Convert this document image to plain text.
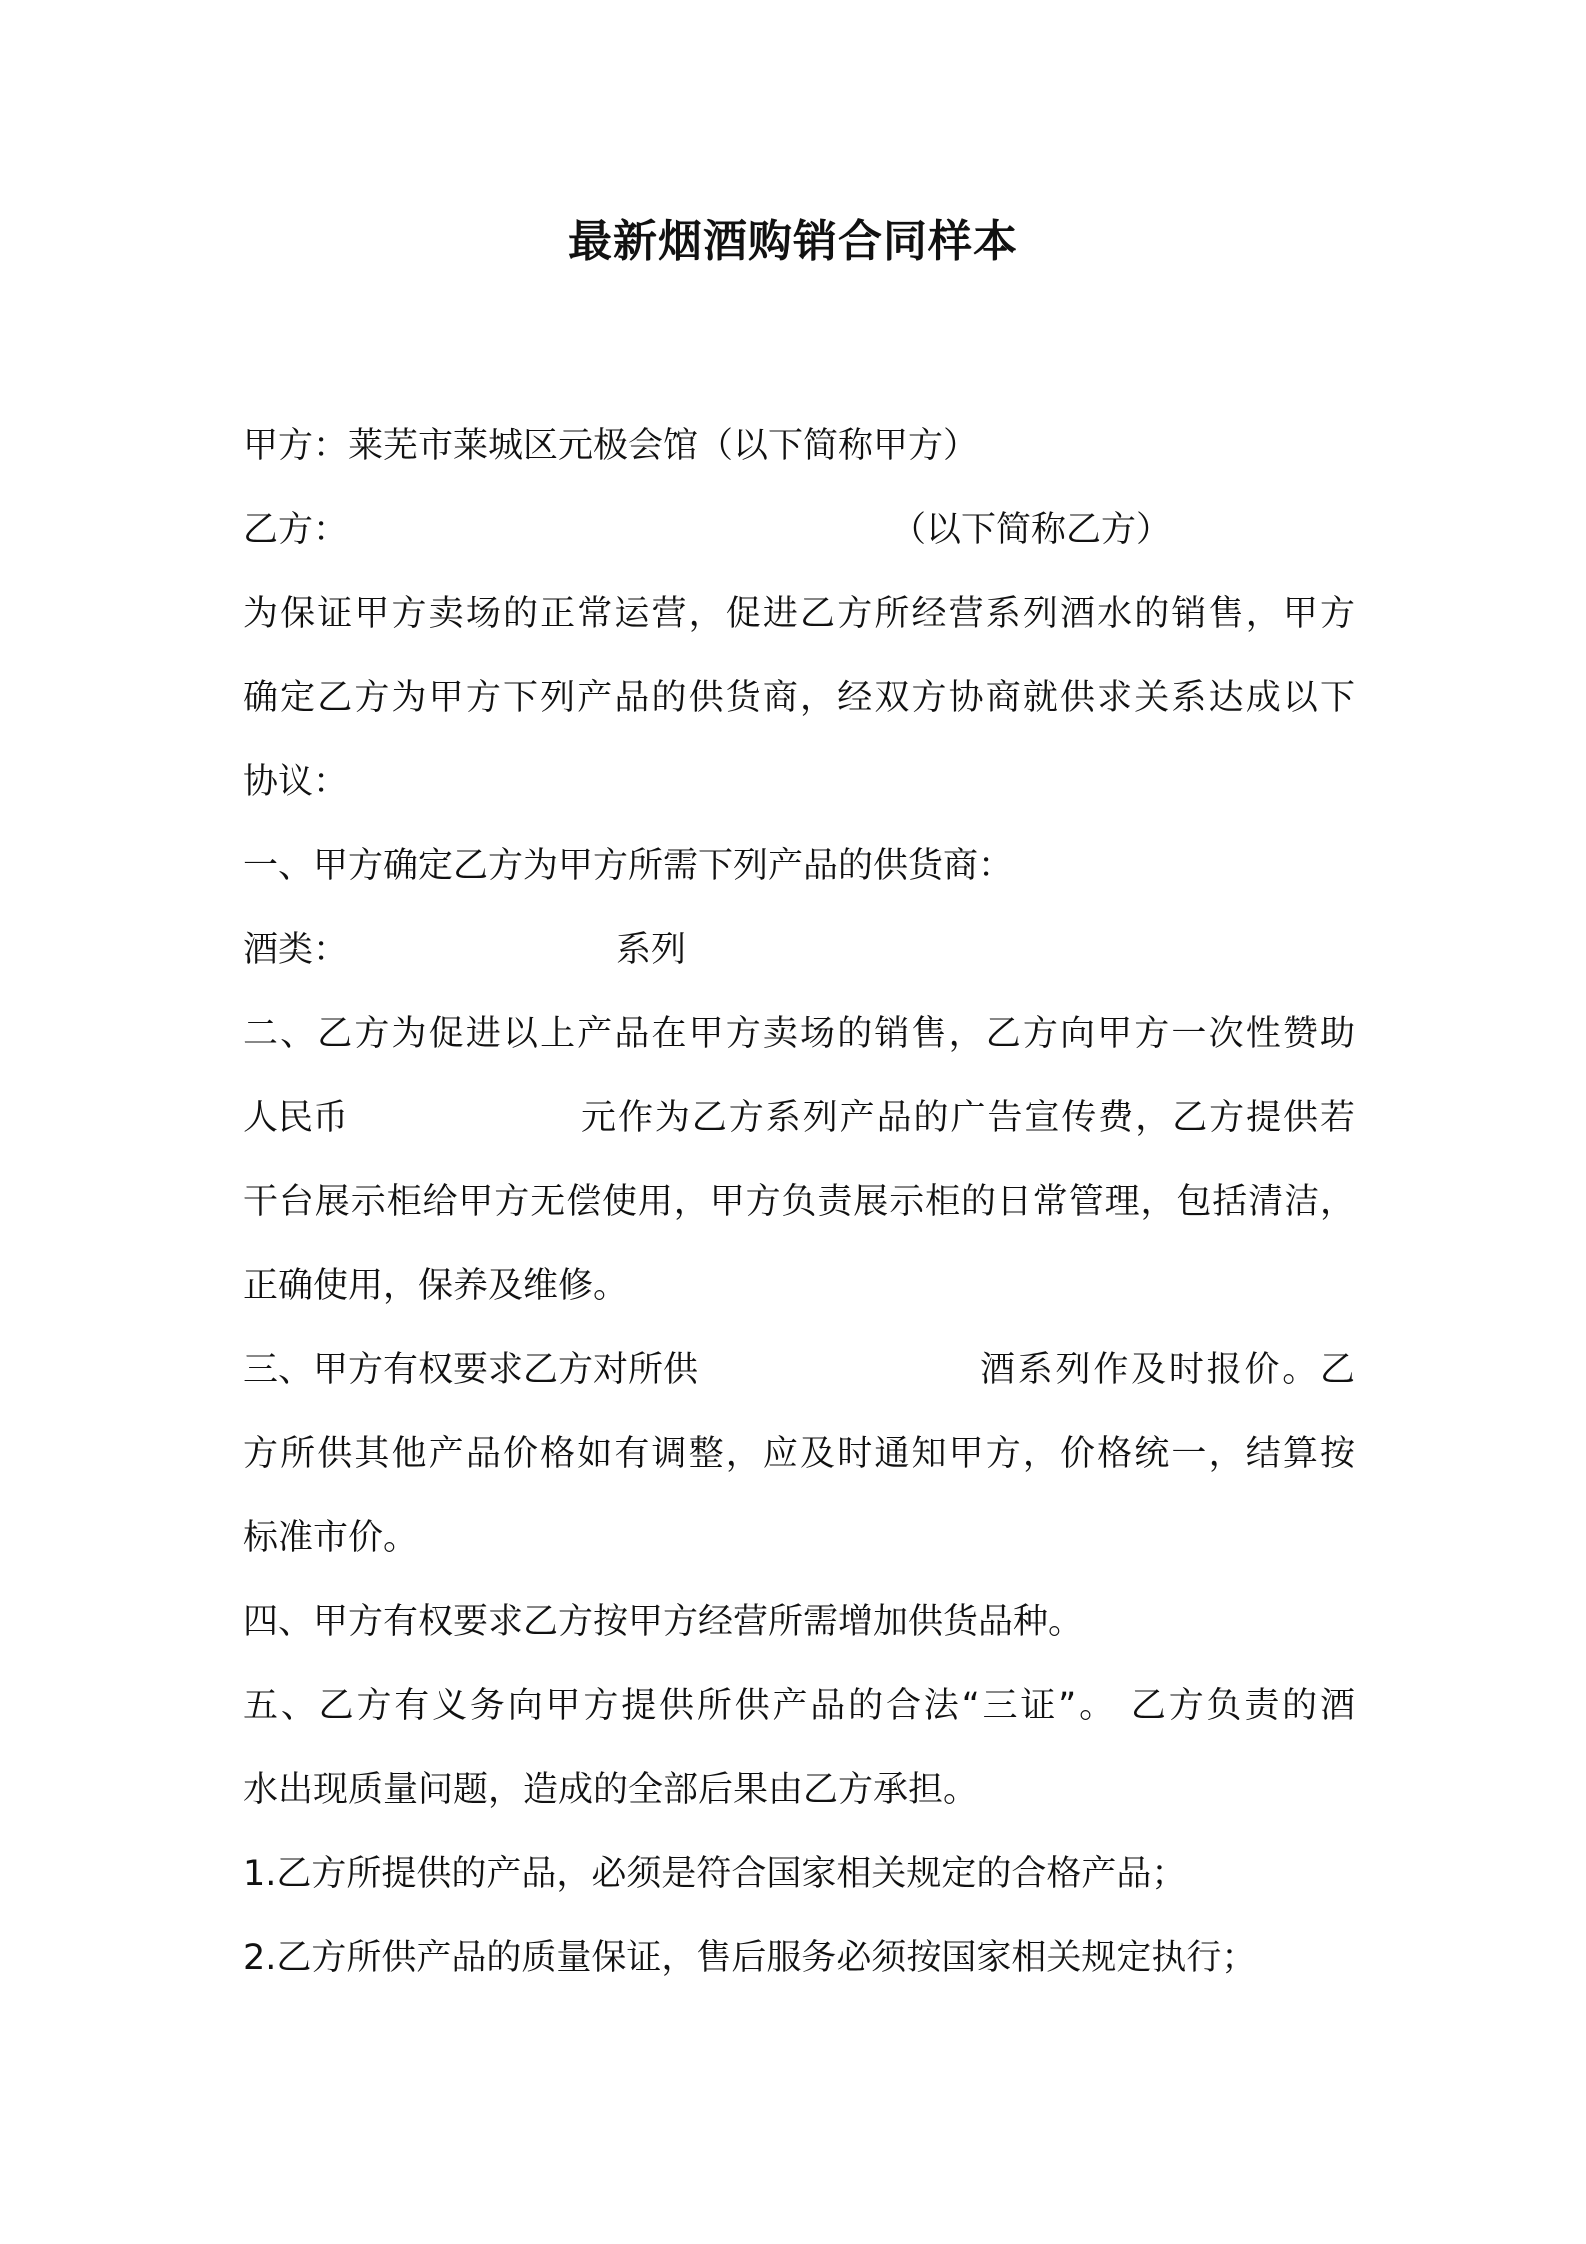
最新烟酒购销合同样本
甲方：莱芜市莱城区元极会馆（以下简称甲方）
乙方：	（以下简称乙方）
为保证甲方卖场的正常运营，促进乙方所经营系列酒水的销售，甲方
确定乙方为甲方下列产品的供货商，经双方协商就供求关系达成以下
协议：
一、甲方确定乙方为甲方所需下列产品的供货商：
酒类：	系列
二、乙方为促进以上产品在甲方卖场的销售，乙方向甲方一次性赞助
人民币	元作为乙方系列产品的广告宣传费，乙方提供若
干台展示柜给甲方无偿使用，甲方负责展示柜的日常管理，包括清洁，
正确使用，保养及维修。
三、甲方有权要求乙方对所供	酒系列作及时报价。乙
方所供其他产品价格如有调整，应及时通知甲方，价格统一，结算按
标准市价。
四、甲方有权要求乙方按甲方经营所需增加供货品种。
五、乙方有义务向甲方提供所供产品的合法“三证”。 乙方负责的酒
水出现质量问题，造成的全部后果由乙方承担。
1.乙方所提供的产品，必须是符合国家相关规定的合格产品；
2.乙方所供产品的质量保证，售后服务必须按国家相关规定执行；
